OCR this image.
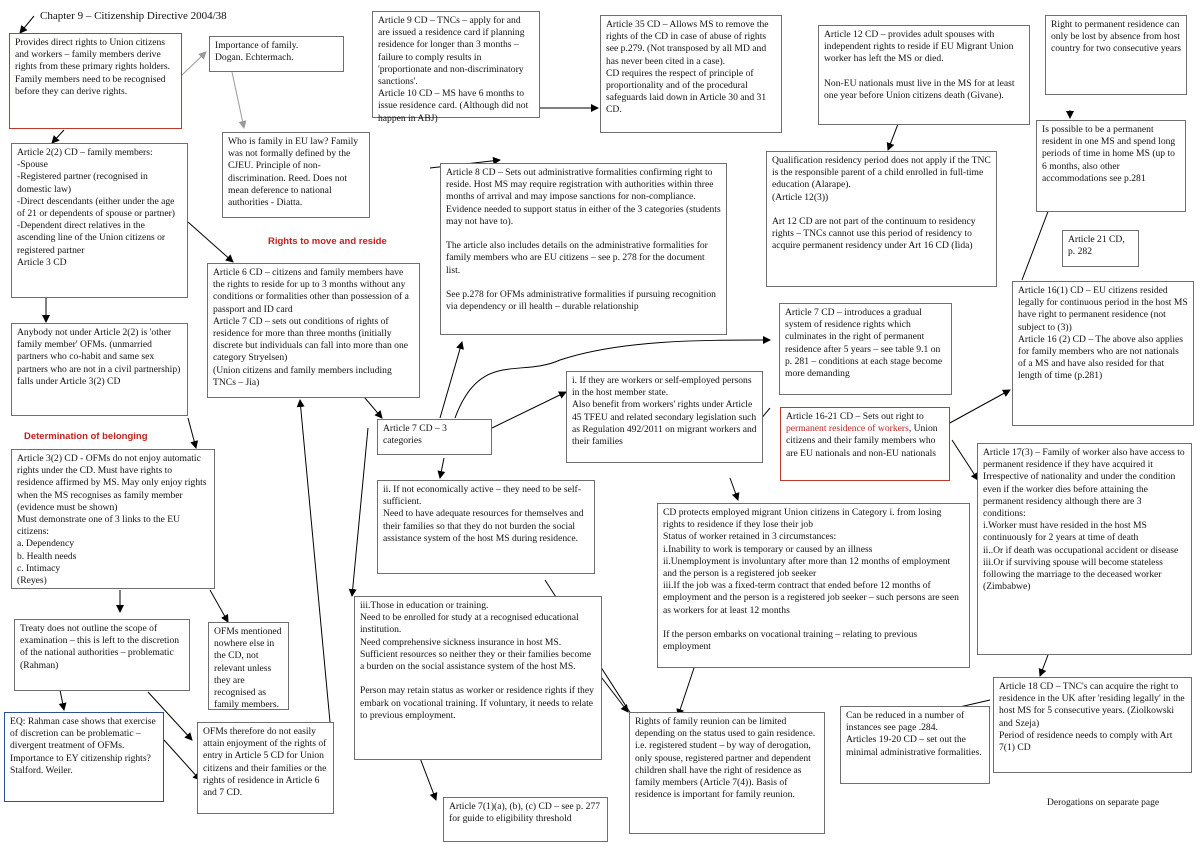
Chapter 9 – Citizenship Directive 2004/38

Provides direct rights to Union citizens and workers – family members derive rights from these primary rights holders. Family members need to be recognised before they can derive rights.

Importance of family.
Dogan. Echtermach.

Who is family in EU law? Family was not formally defined by the CJEU. Principle of non-discrimination. Reed. Does not mean deference to national authorities - Diatta.

Article 2(2) CD – family members:
-Spouse
-Registered partner (recognised in domestic law)
-Direct descendants (either under the age of 21 or dependents of spouse or partner)
-Dependent direct relatives in the ascending line of the Union citizens or registered partner
Article 3 CD

Anybody not under Article 2(2) is 'other family member' OFMs. (unmarried partners who co-habit and same sex partners who are not in a civil partnership) falls under Article 3(2) CD

Determination of belonging
Rights to move and reside

Article 3(2) CD - OFMs do not enjoy automatic rights under the CD. Must have rights to residence affirmed by MS. May only enjoy rights when the MS recognises as family member (evidence must be shown)
Must demonstrate one of 3 links to the EU citizens:
a. Dependency
b. Health needs
c. Intimacy
(Reyes)

Treaty does not outline the scope of examination – this is left to the discretion of the national authorities – problematic (Rahman)

OFMs mentioned nowhere else in the CD, not relevant unless they are recognised as family members.

EQ: Rahman case shows that exercise of discretion can be problematic – divergent treatment of OFMs. Importance to EY citizenship rights? Stalford. Weiler.

OFMs therefore do not easily attain enjoyment of the rights of entry in Article 5 CD for Union citizens and their families or the rights of residence in Article 6 and 7 CD.

Article 6 CD – citizens and family members have the rights to reside for up to 3 months without any conditions or formalities other than possession of a passport and ID card
Article 7 CD – sets out conditions of rights of residence for more than three months (initially discrete but individuals can fall into more than one category Stryelsen)
(Union citizens and family members including TNCs – Jia)

Article 9 CD – TNCs – apply for and are issued a residence card if planning residence for longer than 3 months – failure to comply results in 'proportionate and non-discriminatory sanctions'.
Article 10 CD – MS have 6 months to issue residence card. (Although did not happen in ABJ)

Article 35 CD – Allows MS to remove the rights of the CD in case of abuse of rights see p.279. (Not transposed by all MD and has never been cited in a case).
CD requires the respect of principle of proportionality and of the procedural safeguards laid down in Article 30 and 31 CD.

Article 12 CD – provides adult spouses with independent rights to reside if EU Migrant Union worker has left the MS or died.

Non-EU nationals must live in the MS for at least one year before Union citizens death (Givane).

Right to permanent residence can only be lost by absence from host country for two consecutive years

Is possible to be a permanent resident in one MS and spend long periods of time in home MS (up to 6 months, also other accommodations see p.281

Article 21 CD, p. 282

Article 8 CD – Sets out administrative formalities confirming right to reside. Host MS may require registration with authorities within three months of arrival and may impose sanctions for non-compliance. Evidence needed to support status in either of the 3 categories (students may not have to).

The article also includes details on the administrative formalities for family members who are EU citizens – see p. 278 for the document list.

See p.278 for OFMs administrative formalities if pursuing recognition via dependency or ill health – durable relationship

Qualification residency period does not apply if the TNC is the responsible parent of a child enrolled in full-time education (Alarape).
(Article 12(3))

Art 12 CD are not part of the continuum to residency rights – TNCs cannot use this period of residency to acquire permanent residency under Art 16 CD (Iida)

Article 7 CD – introduces a gradual system of residence rights which culminates in the right of permanent residence after 5 years – see table 9.1 on p. 281 – conditions at each stage become more demanding

Article 16(1) CD – EU citizens resided legally for continuous period in the host MS have right to permanent residence (not subject to (3))
Article 16 (2) CD – The above also applies for family members who are not nationals of a MS and have also resided for that length of time (p.281)

Article 7 CD – 3 categories

i. If they are workers or self-employed persons in the host member state.
Also benefit from workers' rights under Article 45 TFEU and related secondary legislation such as Regulation 492/2011 on migrant workers and their families

Article 16-21 CD – Sets out right to permanent residence of workers, Union citizens and their family members who are EU nationals and non-EU nationals	Article 17(3) – Family of worker also have access to permanent residence if they have acquired it
Irrespective of nationality and under the condition even if the worker dies before attaining the permanent residency although there are 3 conditions:
i.Worker must have resided in the host MS continuously for 2 years at time of death
ii..Or if death was occupational accident or disease
iii.Or if surviving spouse will become stateless following the marriage to the deceased worker
(Zimbabwe)

ii. If not economically active – they need to be self-sufficient.
Need to have adequate resources for themselves and their families so that they do not burden the social assistance system of the host MS during residence.

CD protects employed migrant Union citizens in Category i. from losing rights to residence if they lose their job
Status of worker retained in 3 circumstances:
i.Inability to work is temporary or caused by an illness
ii.Unemployment is involuntary after more than 12 months of employment and the person is a registered job seeker
iii.If the job was a fixed-term contract that ended before 12 months of employment and the person is a registered job seeker – such persons are seen as workers for at least 12 months

If the person embarks on vocational training – relating to previous employment

iii.Those in education or training.
Need to be enrolled for study at a recognised educational institution.
Need comprehensive sickness insurance in host MS. Sufficient resources so neither they or their families become a burden on the social assistance system of the host MS.

Person may retain status as worker or residence rights if they embark on vocational training. If voluntary, it needs to relate to previous employment.

Rights of family reunion can be limited depending on the status used to gain residence. i.e. registered student – by way of derogation, only spouse, registered partner and dependent children shall have the right of residence as family members (Article 7(4)). Basis of residence is important for family reunion.

Article 7(1)(a), (b), (c) CD – see p. 277 for guide to eligibility threshold

Can be reduced in a number of instances see page .284.
Articles 19-20 CD – set out the minimal administrative formalities.

Article 18 CD – TNC's can acquire the right to residence in the UK after 'residing legally' in the host MS for 5 consecutive years. (Ziolkowski and Szeja)
Period of residence needs to comply with Art 7(1) CD

Derogations on separate page
